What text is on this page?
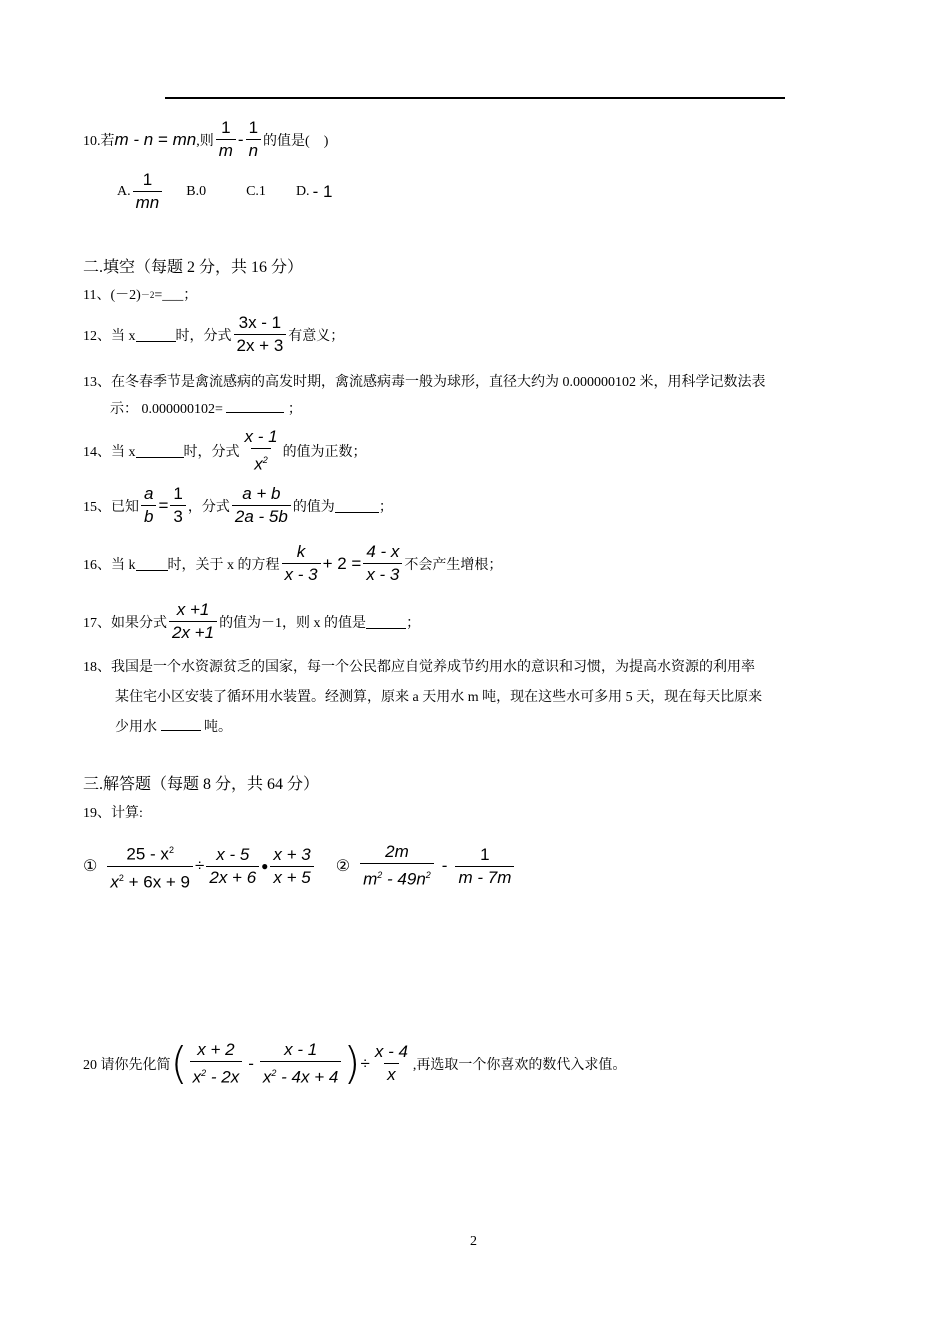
10.若 m - n = mn ,则 $\frac{1}{m} - \frac{1}{n}$ 的值是(　)
A. $\frac{1}{mn} B.0$	C.1 D. - 1
二.填空（每题 2 分，共 16 分）
11、(－2) －2 =___；
12、当 x	时，分式 $\frac{3x - 1}{2x + 3}$ 有意义；
13、在冬春季节是禽流感病的高发时期，禽流感病毒一般为球形，直径大约为 0.000000102 米，用科学记数法表
示： 0.000000102=	；
14、当 x	时，分式 $\frac{x - 1}{x^2}$ 的值为正数；
15、已知 $\frac{a}{b} = \frac{1}{3}$ ，分式 $\frac{a + b}{2a - 5b}$ 的值为	；
16、当 k 时，关于 x 的方程 $\frac{k}{x - 3} + 2 = \frac{4 - x}{x - 3}$ 不会产生增根；
17、如果分式 $\frac{x +1}{2x +1}$ 的值为－1，则 x 的值是	；
18、我国是一个水资源贫乏的国家，每一个公民都应自觉养成节约用水的意识和习惯，为提高水资源的利用率
某住宅小区安装了循环用水装置。经测算，原来 a 天用水 m 吨，现在这些水可多用 5 天，现在每天比原来
少用水	吨。
三.解答题（每题 8 分，共 64 分）
19、计算:
① $\frac{25 - x^2}{x^2 + 6x + 9} \div \frac{x - 5}{2x + 6}$ ● $\frac{x + 3}{x + 5}$ ② $\frac{2m}{m^2 - 49n^2} - \frac{1}{m - 7m}$
20 请你先化简 ( $\frac{x + 2}{x^2 - 2x} - \frac{x - 1}{x^2 - 4x + 4}$ ) ÷ $\frac{x - 4}{x}$ ,再选取一个你喜欢的数代入求值。
2
